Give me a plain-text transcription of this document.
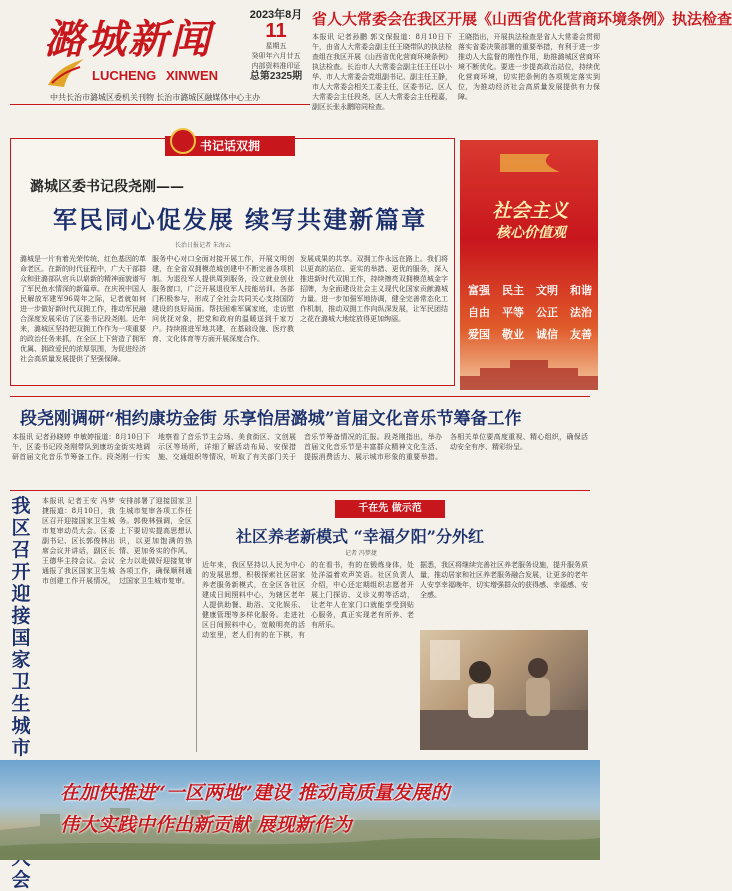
潞城新闻
LUCHENG XINWEN
中共长治市潞城区委机关刊物 长治市潞城区融媒体中心主办
2023年8月
11
星期五
癸卯年六月廿五
内部资料准印证
总第2325期
省人大常委会在我区开展《山西省优化营商环境条例》执法检查
本报讯 记者孙鹏 郭文保报道：8月10日下午，由省人大常委会副主任王晓带队的执法检查组在我区开展《山西省优化营商环境条例》执法检查。长治市人大常委会副主任王任以小华、市人大常委会党组副书记、副主任王静，市人大常委会相关工委主任，区委书记、区人大常委会主任段尧，区人大常委会主任程嘉，副区长张永鹏陪同检查。
王晓指出，开展执法检查是省人大常委会贯彻落实省委决策部署的重要举措，有利于进一步推动人大监督的刚性作用，助推潞城区营商环境不断优化。要进一步提高政治站位，持续优化营商环境，切实把条例的各项规定落实到位，为推动经济社会高质量发展提供有力保障。
书记话双拥
潞城区委书记段尧刚——
军民同心促发展 续写共建新篇章
长治日报记者 朱海云
潞城是一片有着光荣传统、红色基因的革命老区。在新的时代征程中，广大干部群众和驻潞部队官兵以崭新的精神面貌谱写了军民鱼水情深的新篇章。在庆祝中国人民解放军建军96周年之际，记者就如何进一步做好新时代双拥工作，推动军民融合深度发展采访了区委书记段尧刚。近年来，潞城区坚持把双拥工作作为一项重要的政治任务来抓，在全区上下营造了拥军优属、拥政爱民的浓厚氛围，为促进经济社会高质量发展提供了坚强保障。
服务中心对口全面对接开展工作，开展文明创建，在全省双拥模范城创建中不断完善各项机制。为退役军人提供周到服务，设立就业创业服务窗口，广泛开展退役军人技能培训。各部门积极参与，形成了全社会共同关心支持国防建设的良好局面。帮扶困难军属家庭，走访慰问优抚对象，把党和政府的温暖送到千家万户。持续推进军地共建，在基础设施、医疗教育、文化体育等方面开展深度合作。
发展成果的共享。双拥工作永远在路上。我们将以更高的站位、更实的举措、更优的服务，深入推进新时代双拥工作，持续擦亮双拥模范城金字招牌，为全面建设社会主义现代化国家贡献潞城力量。进一步加强军地协调，健全完善常态化工作机制，推动双拥工作向纵深发展，让军民团结之花在潞城大地绽放得更加绚丽。
社会主义
核心价值观
富强 民主 文明 和谐
自由 平等 公正 法治
爱国 敬业 诚信 友善
段尧刚调研“相约康坊金街 乐享怡居潞城”首届文化音乐节筹备工作
本报讯 记者孙晓婷 申敏婷报道：8月10日下午，区委书记段尧刚带队到康坊金街实地调研首届文化音乐节筹备工作。段尧刚一行实地察看了音乐节主会场、美食街区、文创展示区等场所，详细了解活动布局、安保措施、交通组织等情况，听取了有关部门关于音乐节筹备情况的汇报。段尧刚指出，举办首届文化音乐节是丰富群众精神文化生活、提振消费活力、展示城市形象的重要举措。各相关单位要高度重视、精心组织，确保活动安全有序、精彩纷呈。
我区召开迎接国家卫生城市 会
本报讯 记者王安 冯梦捷报道：8月10日，我区召开迎接国家卫生城市复审动员大会。区委副书记、区长郭俊林出席会议并讲话，副区长王德华主持会议。会议通报了我区国家卫生城市创建工作开展情况，安排部署了迎接国家卫生城市复审各项工作任务。郭俊林强调，全区上下要切实提高思想认识，以更加饱满的热情、更加务实的作风，全力以赴做好迎接复审各项工作，确保顺利通过国家卫生城市复审。
千在先 做示范
社区养老新模式 “幸福夕阳”分外红
记者 冯梦捷
近年来，我区坚持以人民为中心的发展思想，积极探索社区居家养老服务新模式，在全区各社区建成日间照料中心，为辖区老年人提供助餐、助浴、文化娱乐、健康管理等多样化服务。走进社区日间照料中心，宽敞明亮的活动室里，老人们有的在下棋，有的在看书，有的在锻炼身体，处处洋溢着欢声笑语。社区负责人介绍，中心还定期组织志愿者开展上门探访、义诊义剪等活动，让老年人在家门口就能享受到贴心服务，真正实现老有所养、老有所乐。
据悉，我区将继续完善社区养老服务设施，提升服务质量，推动居家和社区养老服务融合发展，让更多的老年人安享幸福晚年，切实增强群众的获得感、幸福感、安全感。
在加快推进“一区两地”建设 推动高质量发展的
伟大实践中作出新贡献 展现新作为
